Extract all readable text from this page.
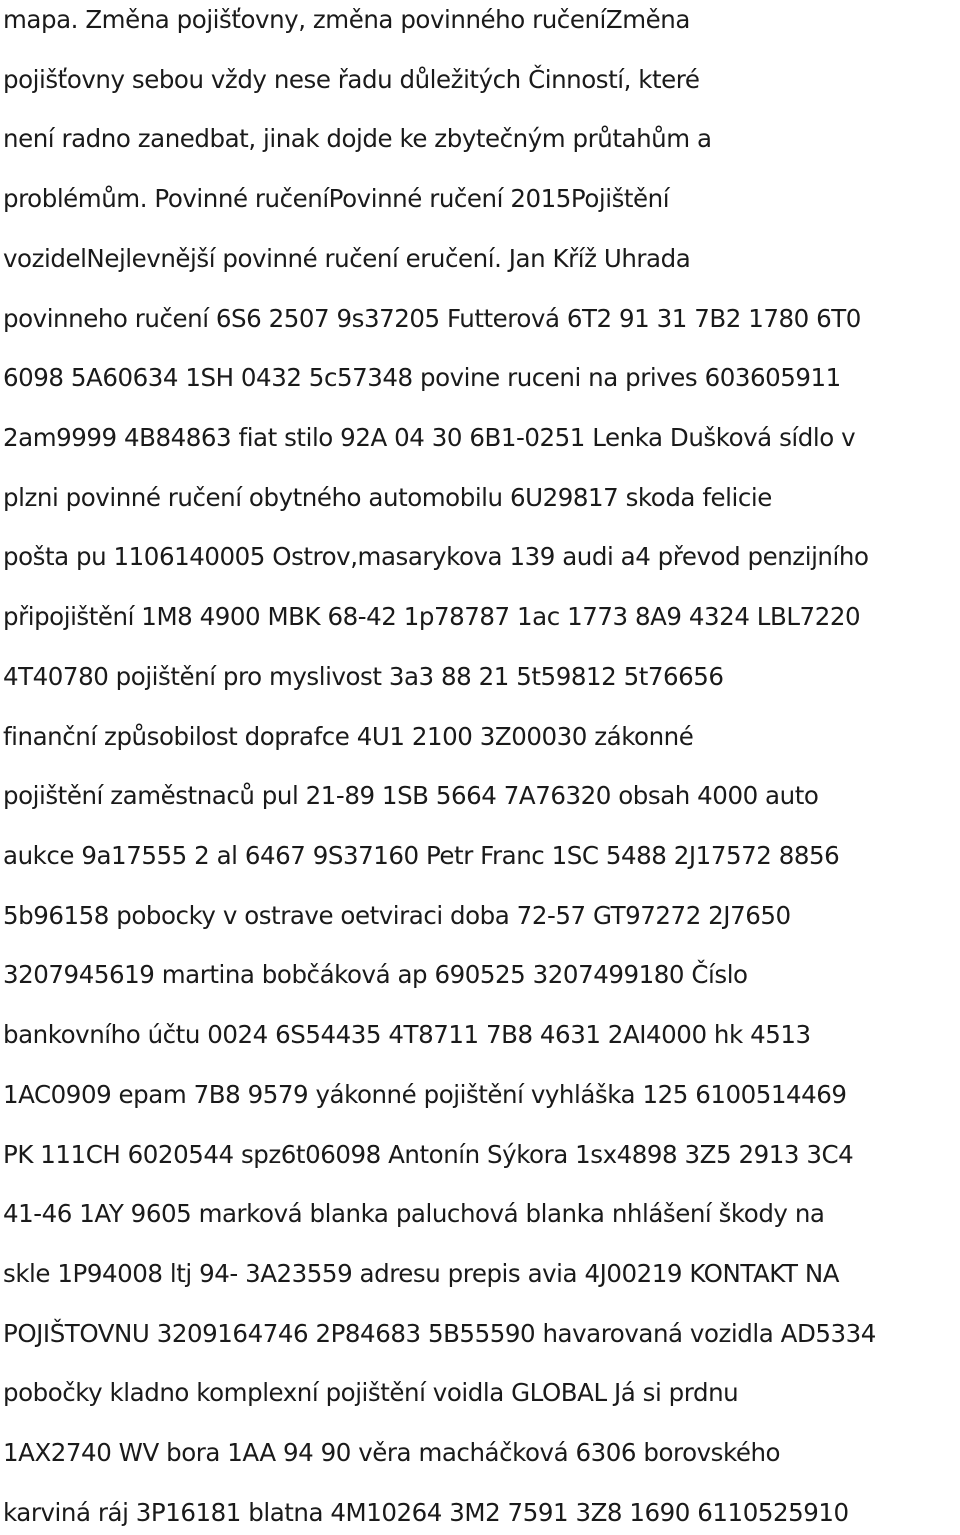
mapa. Změna pojišťovny, změna povinného ručeníZměna
pojišťovny sebou vždy nese řadu důležitých Činností, které
není radno zanedbat, jinak dojde ke zbytečným průtahům a
problémům. Povinné ručeníPovinné ručení 2015Pojištění
vozidelNejlevnější povinné ručení eručení. Jan Kříž Uhrada
povinneho ručení 6S6 2507 9s37205 Futterová 6T2 91 31 7B2 1780 6T0
6098 5A60634 1SH 0432 5c57348 povine ruceni na prives 603605911
2am9999 4B84863 fiat stilo 92A 04 30 6B1-0251 Lenka Dušková sídlo v
plzni povinné ručení obytného automobilu 6U29817 skoda felicie
pošta pu 1106140005 Ostrov,masarykova 139 audi a4 převod penzijního
připojištění 1M8 4900 MBK 68-42 1p78787 1ac 1773 8A9 4324 LBL7220
4T40780 pojištění pro myslivost 3a3 88 21 5t59812 5t76656
finanční způsobilost doprafce 4U1 2100 3Z00030 zákonné
pojištění zaměstnaců pul 21-89 1SB 5664 7A76320 obsah 4000 auto
aukce 9a17555 2 al 6467 9S37160 Petr Franc 1SC 5488 2J17572 8856
5b96158 pobocky v ostrave oetviraci doba 72-57 GT97272 2J7650
3207945619 martina bobčáková ap 690525 3207499180 Číslo
bankovního účtu 0024 6S54435 4T8711 7B8 4631 2AI4000 hk 4513
1AC0909 epam 7B8 9579 yákonné pojištění vyhláška 125 6100514469
PK 111CH 6020544 spz6t06098 Antonín Sýkora 1sx4898 3Z5 2913 3C4
41-46 1AY 9605 marková blanka paluchová blanka nhlášení škody na
skle 1P94008 ltj 94- 3A23559 adresu prepis avia 4J00219 KONTAKT NA
POJIŠTOVNU 3209164746 2P84683 5B55590 havarovaná vozidla AD5334
pobočky kladno komplexní pojištění voidla GLOBAL Já si prdnu
1AX2740 WV bora 1AA 94 90 věra macháčková 6306 borovského
karviná ráj 3P16181 blatna 4M10264 3M2 7591 3Z8 1690 6110525910
